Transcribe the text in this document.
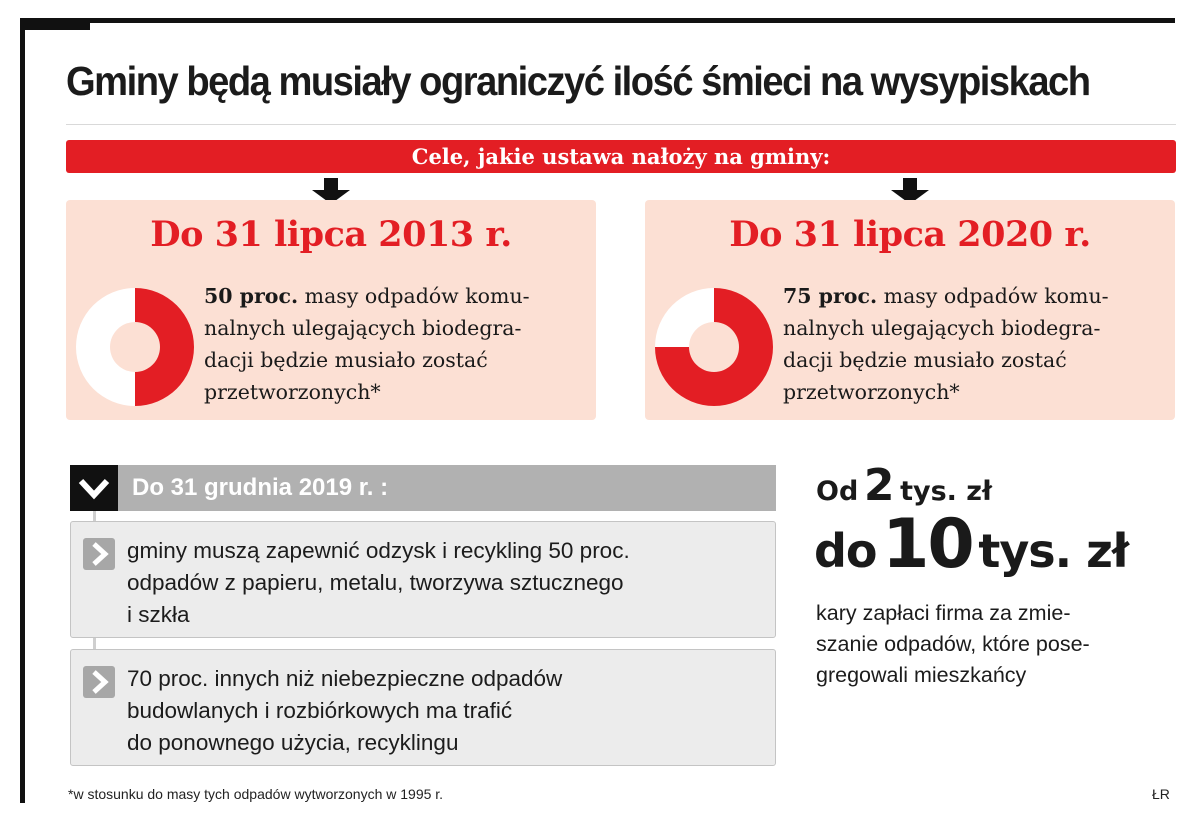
Gminy będą musiały ograniczyć ilość śmieci na wysypiskach
Cele, jakie ustawa nałoży na gminy:
Do 31 lipca 2013 r.
50 proc. masy odpadów komu-
nalnych ulegających biodegra-
dacji będzie musiało zostać
przetworzonych*
Do 31 lipca 2020 r.
75 proc. masy odpadów komu-
nalnych ulegających biodegra-
dacji będzie musiało zostać
przetworzonych*
Do 31 grudnia 2019 r. :
gminy muszą zapewnić odzysk i recykling 50 proc.
odpadów z papieru, metalu, tworzywa sztucznego
i szkła
70 proc. innych niż niebezpieczne odpadów
budowlanych i rozbiórkowych ma trafić
do ponownego użycia, recyklingu
Od 2 tys. zł
do 10 tys. zł
kary zapłaci firma za zmie-
szanie odpadów, które pose-
gregowali mieszkańcy
*w stosunku do masy tych odpadów wytworzonych w 1995 r.	ŁR
